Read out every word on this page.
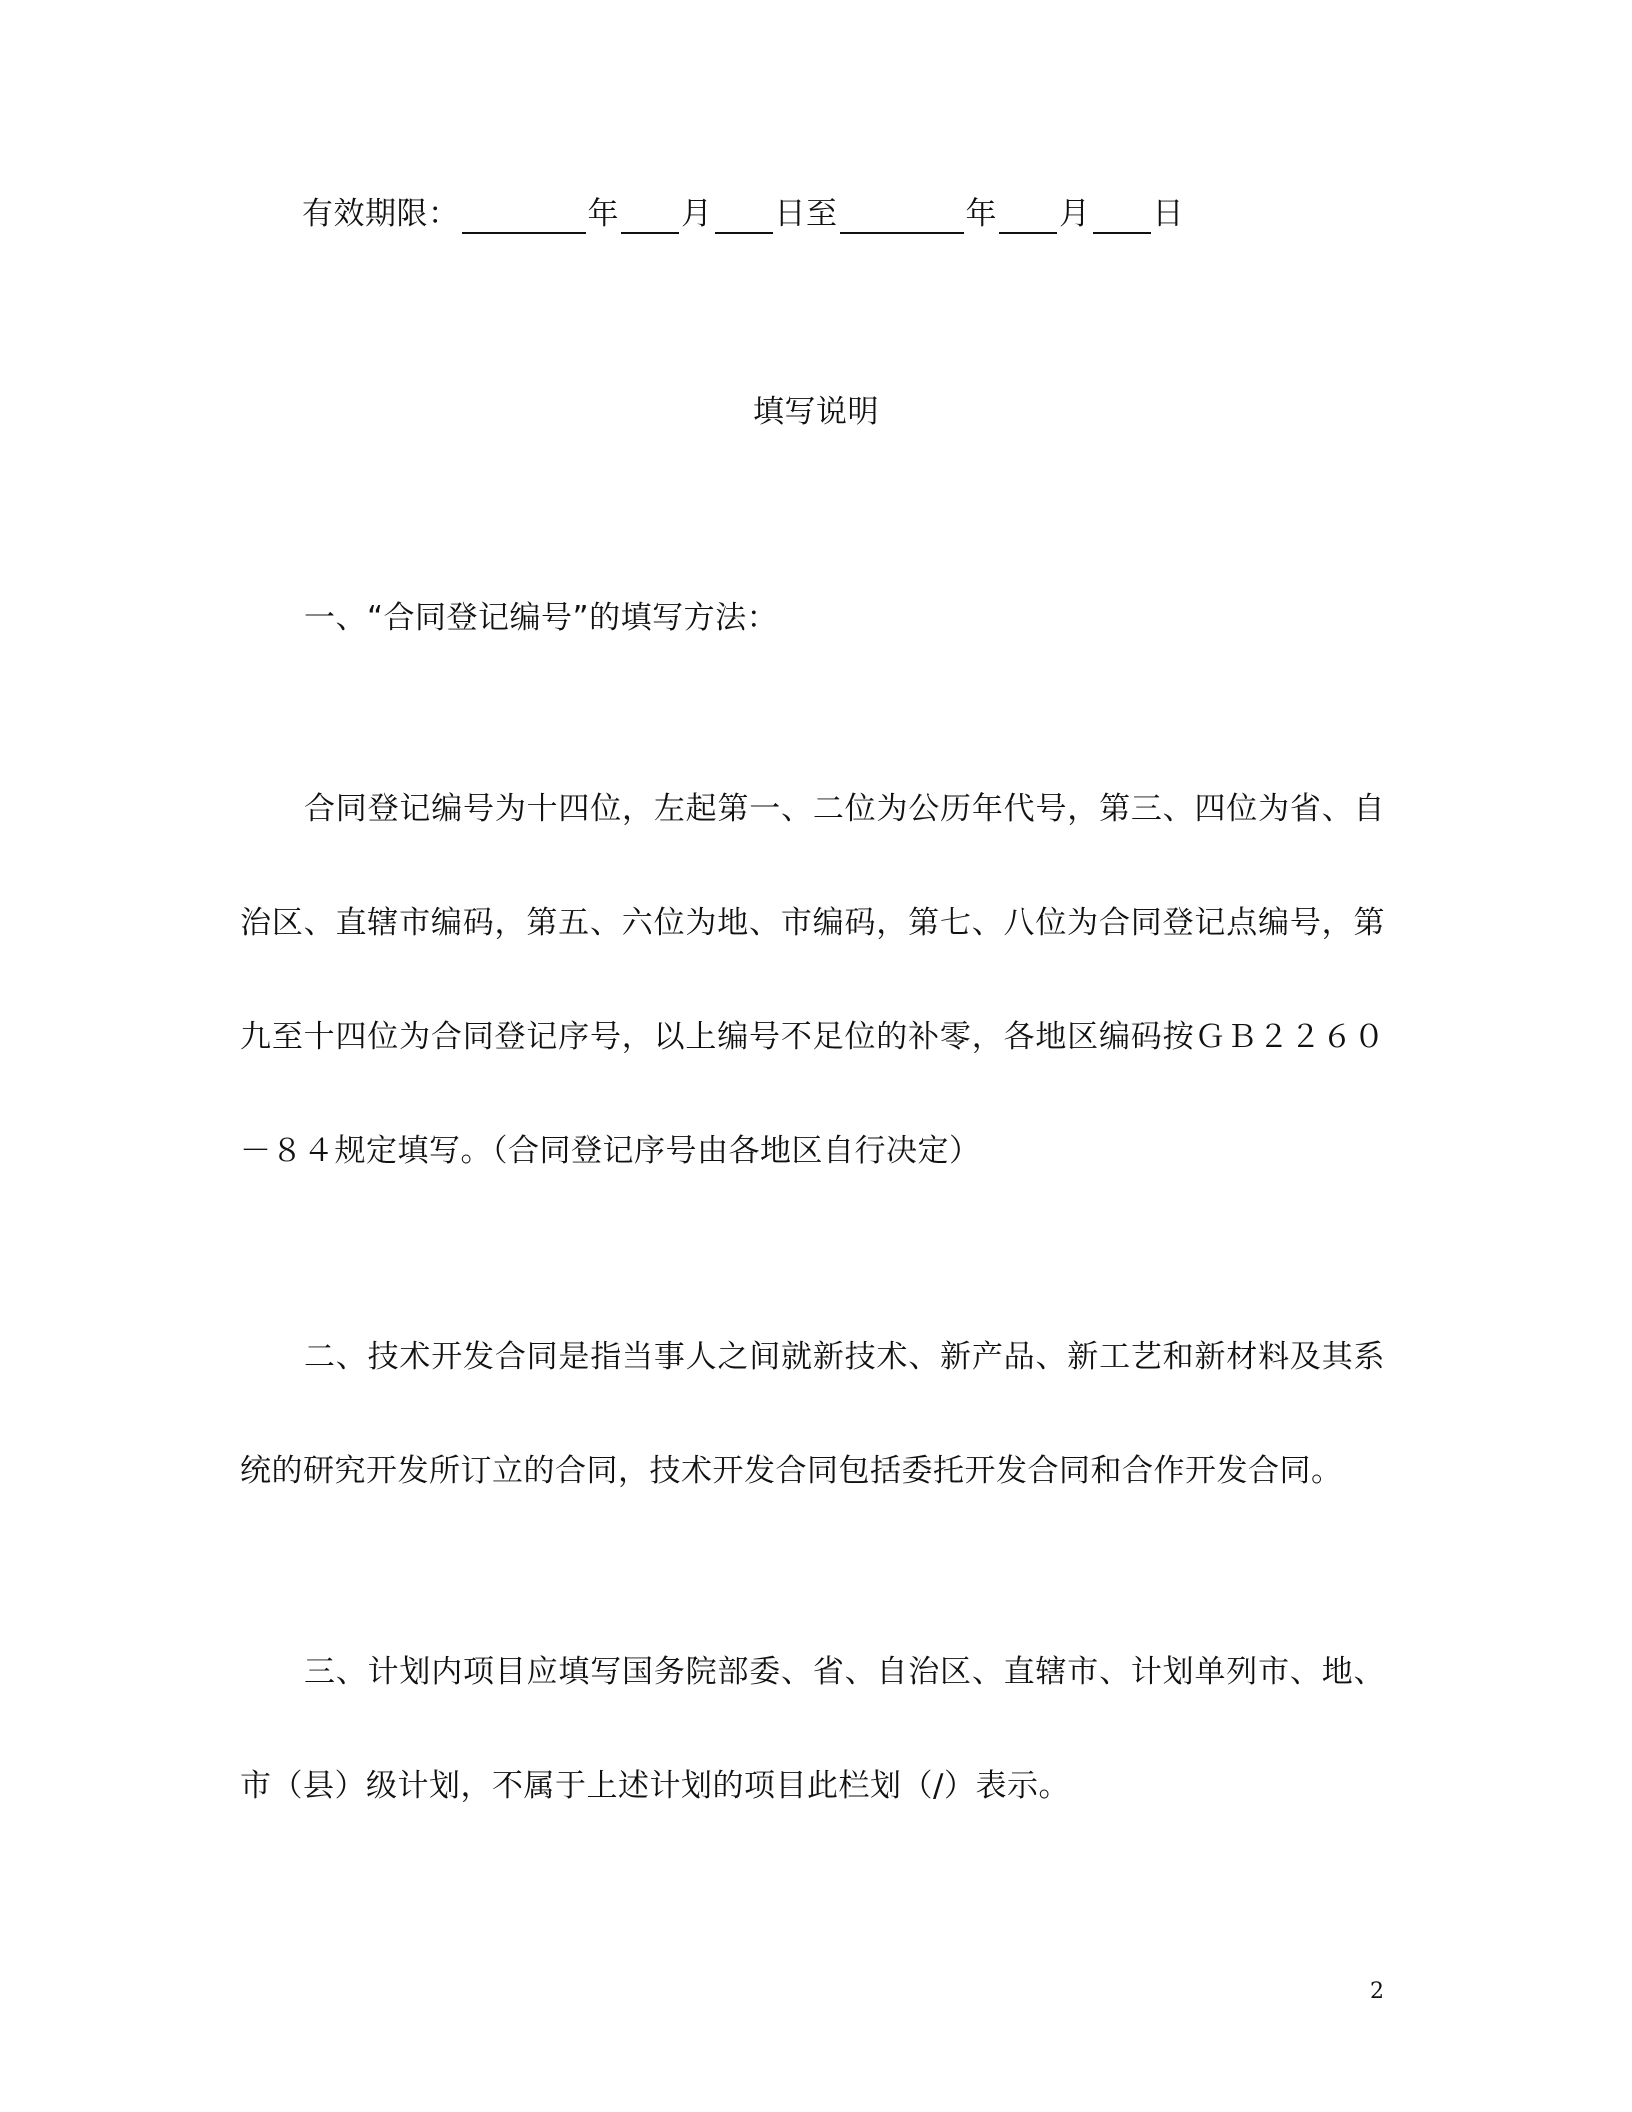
有效期限：	年 月 日至	年 月 日
填写说明
一、“合同登记编号”的填写方法：
合同登记编号为十四位，左起第一、二位为公历年代号，第三、四位为省、自治区、直辖市编码，第五、六位为地、市编码，第七、八位为合同登记点编号，第九至十四位为合同登记序号，以上编号不足位的补零，各地区编码按ＧＢ２２６０－８４规定填写。（合同登记序号由各地区自行决定）
二、技术开发合同是指当事人之间就新技术、新产品、新工艺和新材料及其系统的研究开发所订立的合同，技术开发合同包括委托开发合同和合作开发合同。
三、计划内项目应填写国务院部委、省、自治区、直辖市、计划单列市、地、市（县）级计划，不属于上述计划的项目此栏划（/）表示。
2
